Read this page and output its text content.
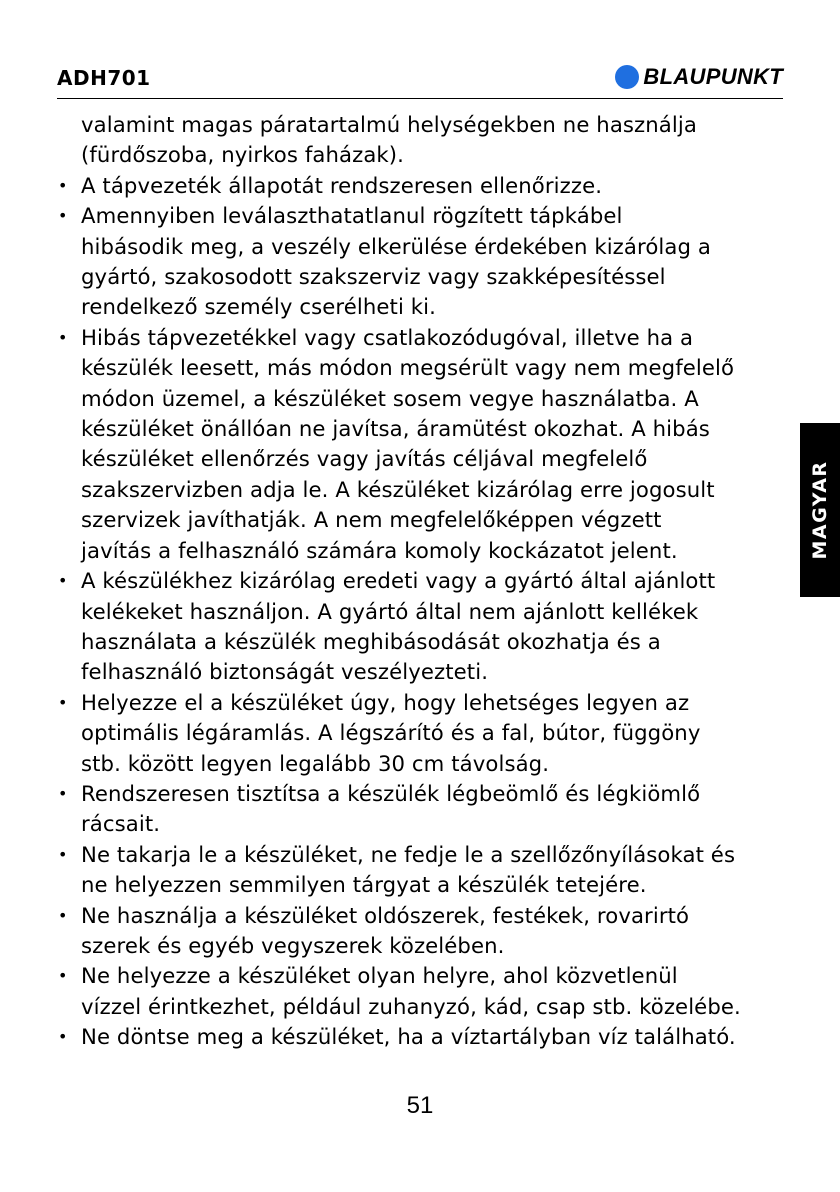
ADH701	BLAUPUNKT
valamint magas páratartalmú helységekben ne használja
(fürdőszoba, nyirkos faházak).
• A tápvezeték állapotát rendszeresen ellenőrizze.
• Amennyiben leválaszthatatlanul rögzített tápkábel
hibásodik meg, a veszély elkerülése érdekében kizárólag a
gyártó, szakosodott szakszerviz vagy szakképesítéssel
rendelkező személy cserélheti ki.
• Hibás tápvezetékkel vagy csatlakozódugóval, illetve ha a
készülék leesett, más módon megsérült vagy nem megfelelő
módon üzemel, a készüléket sosem vegye használatba. A
készüléket önállóan ne javítsa, áramütést okozhat. A hibás
készüléket ellenőrzés vagy javítás céljával megfelelő
szakszervizben adja le. A készüléket kizárólag erre jogosult
szervizek javíthatják. A nem megfelelőképpen végzett
javítás a felhasználó számára komoly kockázatot jelent.
• A készülékhez kizárólag eredeti vagy a gyártó által ajánlott
kelékeket használjon. A gyártó által nem ajánlott kellékek
használata a készülék meghibásodását okozhatja és a
felhasználó biztonságát veszélyezteti.
• Helyezze el a készüléket úgy, hogy lehetséges legyen az
optimális légáramlás. A légszárító és a fal, bútor, függöny
stb. között legyen legalább 30 cm távolság.
• Rendszeresen tisztítsa a készülék légbeömlő és légkiömlő
rácsait.
• Ne takarja le a készüléket, ne fedje le a szellőzőnyílásokat és
ne helyezzen semmilyen tárgyat a készülék tetejére.
• Ne használja a készüléket oldószerek, festékek, rovarirtó
szerek és egyéb vegyszerek közelében.
• Ne helyezze a készüléket olyan helyre, ahol közvetlenül
vízzel érintkezhet, például zuhanyzó, kád, csap stb. közelébe.
• Ne döntse meg a készüléket, ha a víztartályban víz található.
MAGYAR
51
